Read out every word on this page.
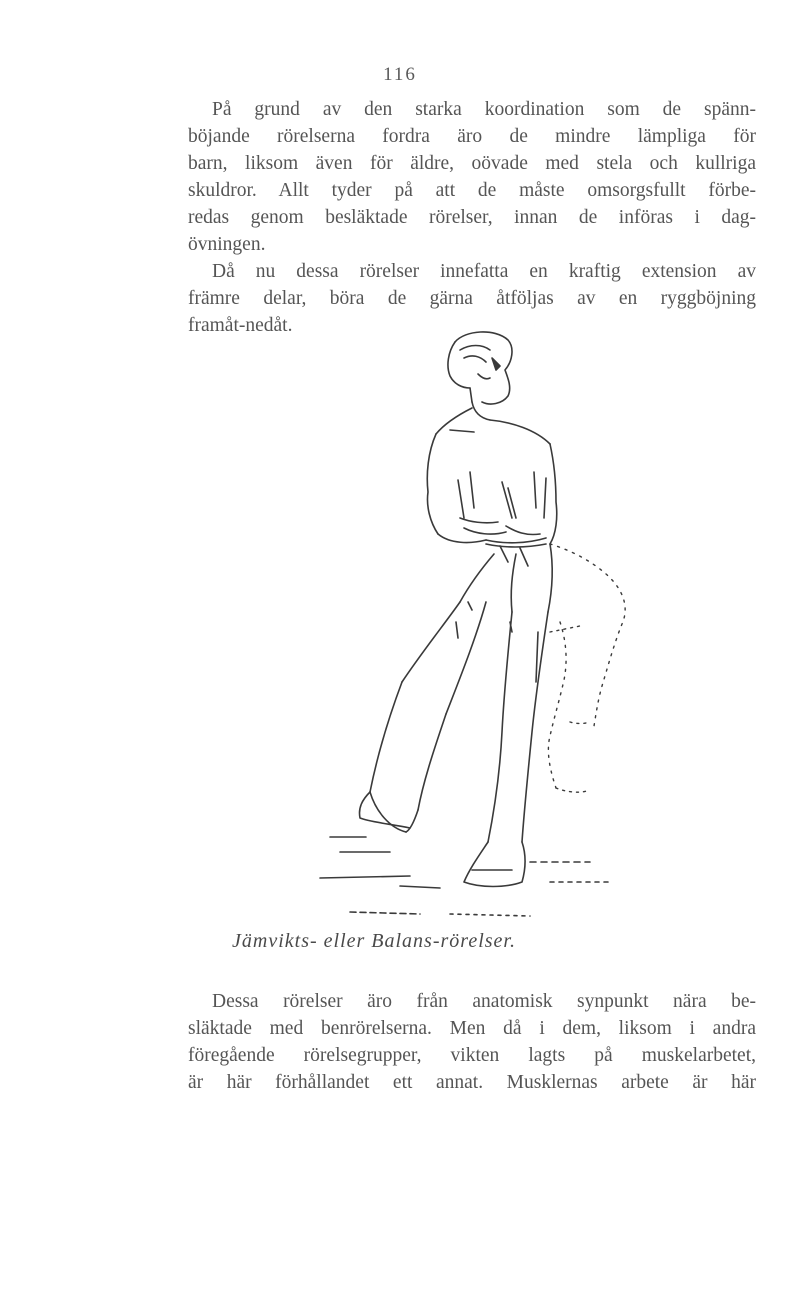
116
På grund av den starka koordination som de spänn-
böjande rörelserna fordra äro de mindre lämpliga för
barn, liksom även för äldre, oövade med stela och kullriga
skuldror. Allt tyder på att de måste omsorgsfullt förbe-
redas genom besläktade rörelser, innan de införas i dag-
övningen.
Då nu dessa rörelser innefatta en kraftig extension av
främre delar, böra de gärna åtföljas av en ryggböjning
framåt-nedåt.
Jämvikts- eller Balans-rörelser.
Dessa rörelser äro från anatomisk synpunkt nära be-
släktade med benrörelserna. Men då i dem, liksom i andra
föregående rörelsegrupper, vikten lagts på muskelarbetet,
är här förhållandet ett annat. Musklernas arbete är här
